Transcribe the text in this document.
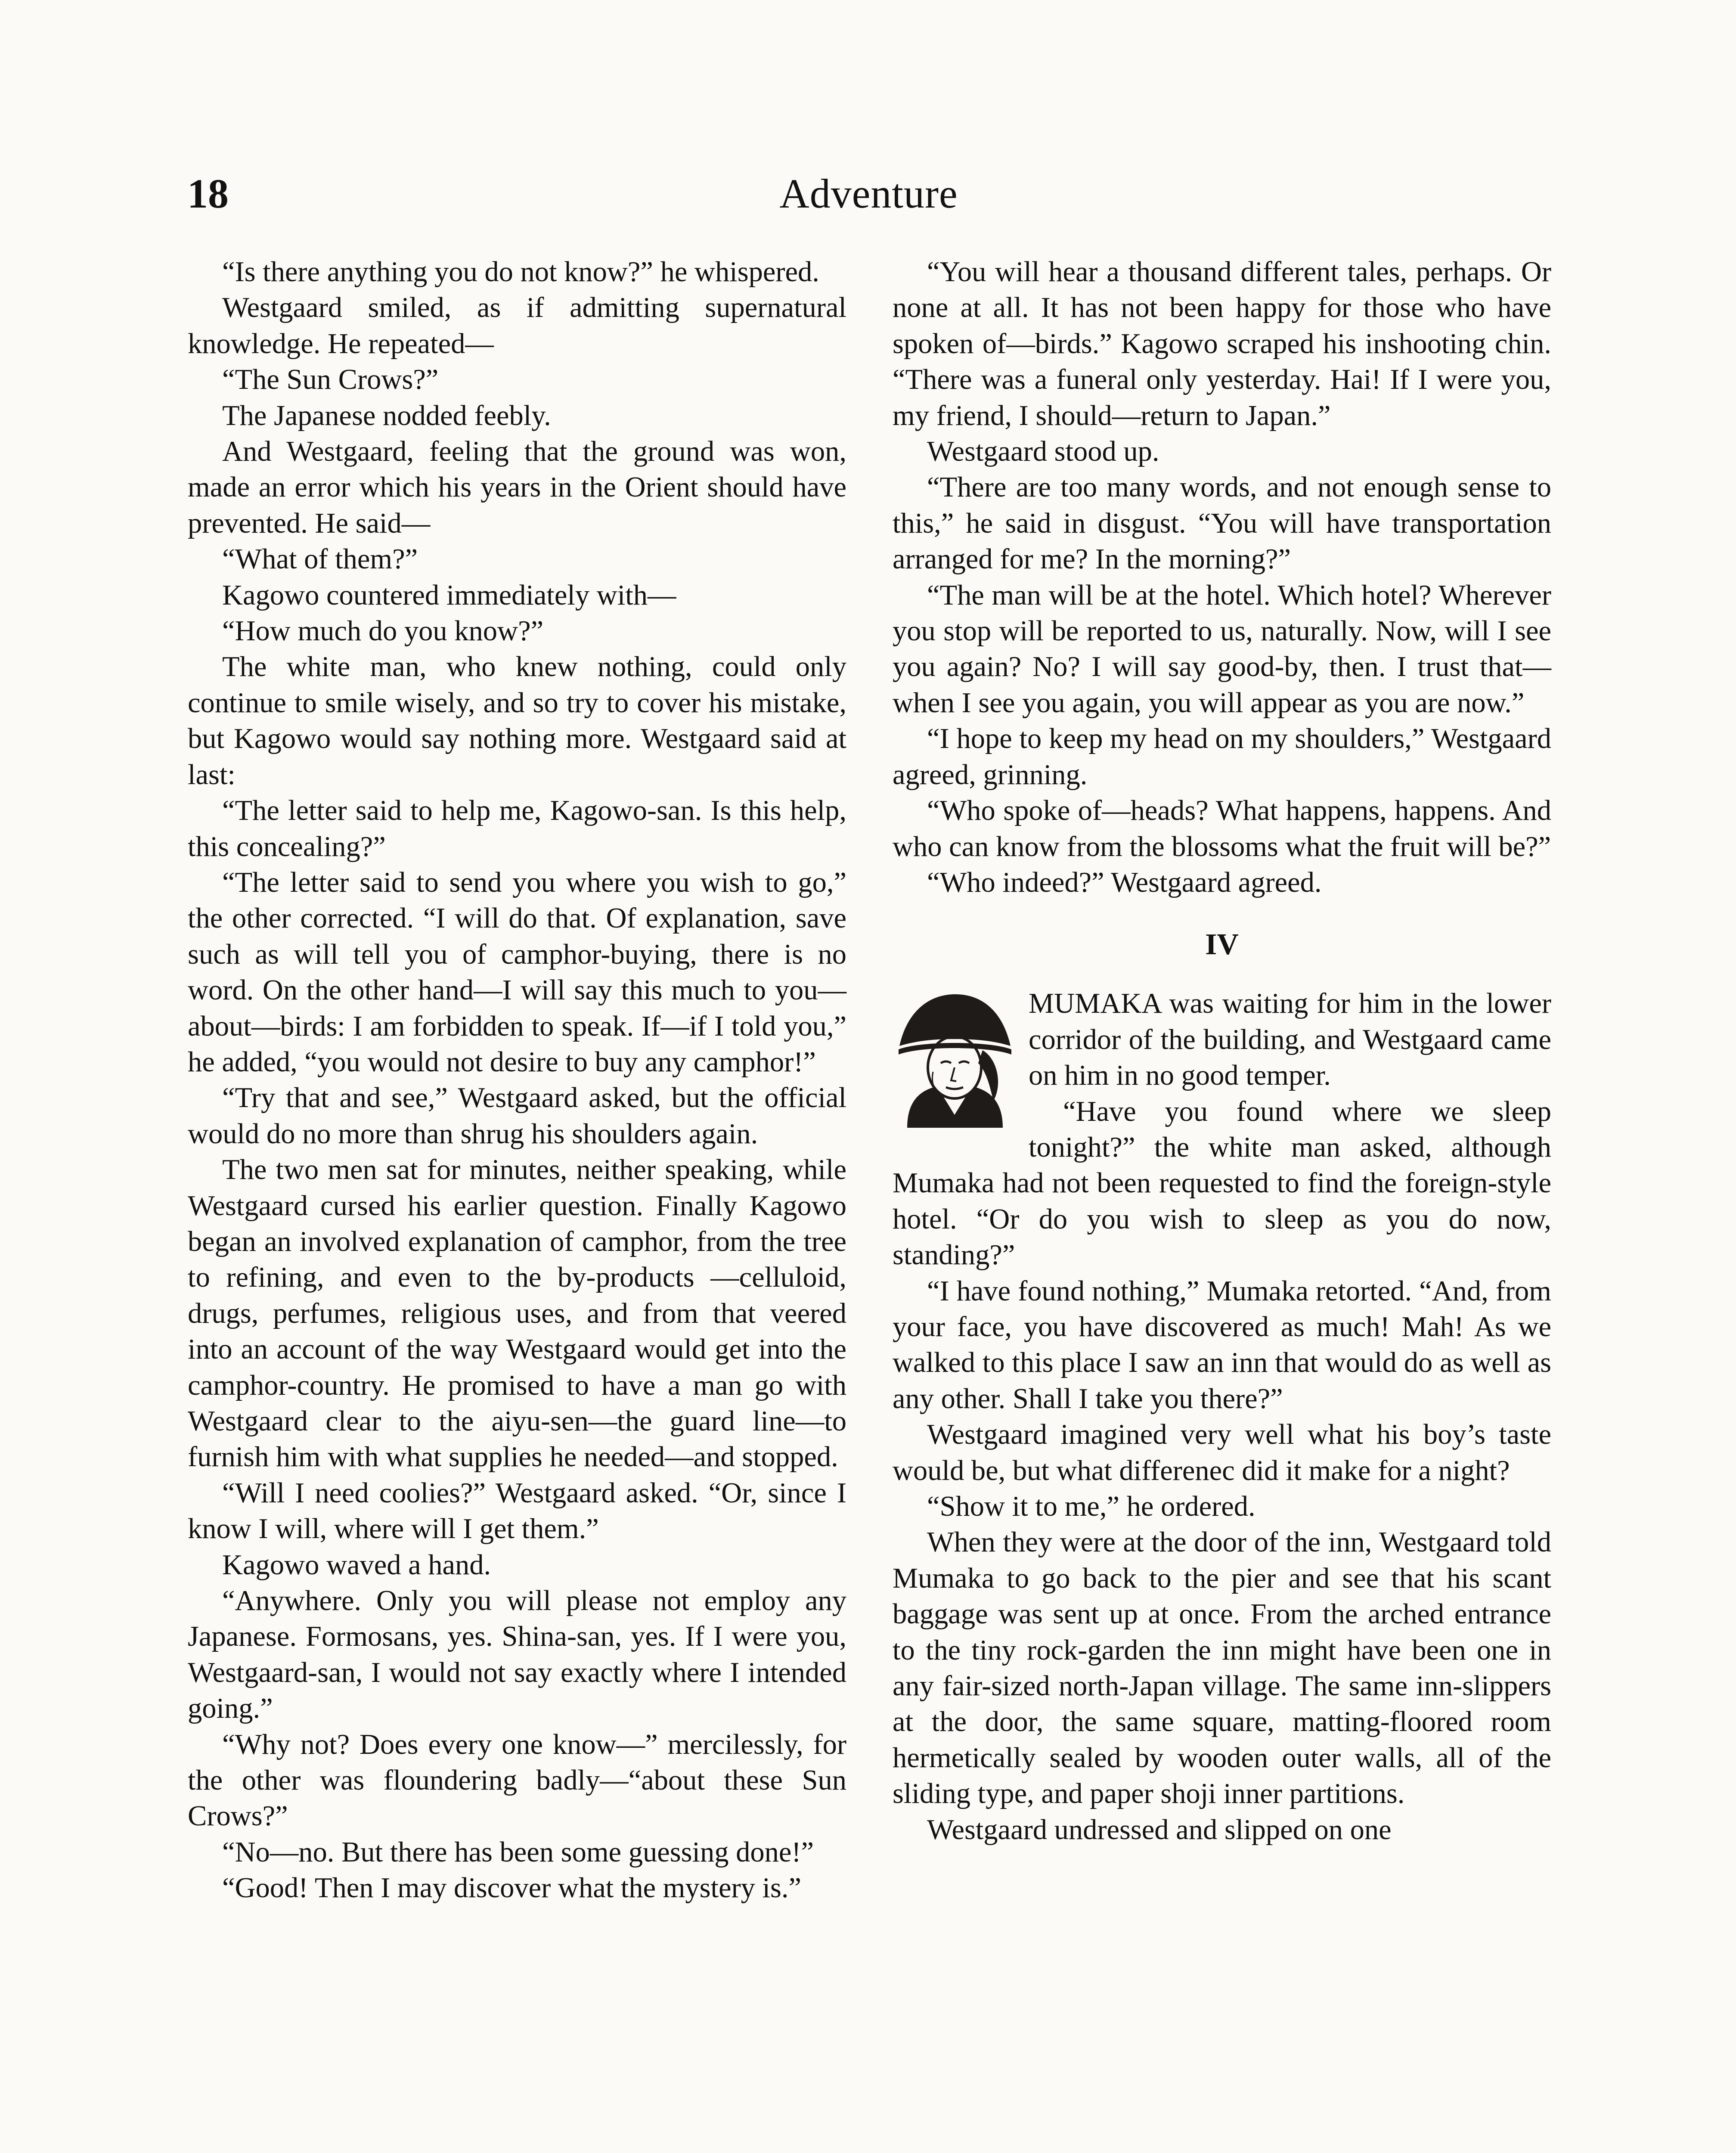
18	Adventure

“Is there anything you do not know?” he whispered.

Westgaard smiled, as if admitting supernatural knowledge. He repeated—

“The Sun Crows?”

The Japanese nodded feebly.

And Westgaard, feeling that the ground was won, made an error which his years in the Orient should have prevented. He said—

“What of them?”

Kagowo countered immediately with—

“How much do you know?”

The white man, who knew nothing, could only continue to smile wisely, and so try to cover his mistake, but Kagowo would say nothing more. Westgaard said at last:

“The letter said to help me, Kagowo-san. Is this help, this concealing?”

“The letter said to send you where you wish to go,” the other corrected. “I will do that. Of explanation, save such as will tell you of camphor-buying, there is no word. On the other hand—I will say this much to you—about—birds: I am forbidden to speak. If—if I told you,” he added, “you would not desire to buy any camphor!”

“Try that and see,” Westgaard asked, but the official would do no more than shrug his shoulders again.

The two men sat for minutes, neither speaking, while Westgaard cursed his earlier question. Finally Kagowo began an involved explanation of camphor, from the tree to refining, and even to the by-products —celluloid, drugs, perfumes, religious uses, and from that veered into an account of the way Westgaard would get into the camphor-country. He promised to have a man go with Westgaard clear to the aiyu-sen—the guard line—to furnish him with what supplies he needed—and stopped.

“Will I need coolies?” Westgaard asked. “Or, since I know I will, where will I get them.”

Kagowo waved a hand.

“Anywhere. Only you will please not employ any Japanese. Formosans, yes. Shina-san, yes. If I were you, Westgaard-san, I would not say exactly where I intended going.”

“Why not? Does every one know—” mercilessly, for the other was floundering badly—“about these Sun Crows?”

“No—no. But there has been some guessing done!”

“Good! Then I may discover what the mystery is.”

“You will hear a thousand different tales, perhaps. Or none at all. It has not been happy for those who have spoken of—birds.” Kagowo scraped his inshooting chin. “There was a funeral only yesterday. Hai! If I were you, my friend, I should—return to Japan.”

Westgaard stood up.

“There are too many words, and not enough sense to this,” he said in disgust. “You will have transportation arranged for me? In the morning?”

“The man will be at the hotel. Which hotel? Wherever you stop will be reported to us, naturally. Now, will I see you again? No? I will say good-by, then. I trust that—when I see you again, you will appear as you are now.”

“I hope to keep my head on my shoulders,” Westgaard agreed, grinning.

“Who spoke of—heads? What happens, happens. And who can know from the blossoms what the fruit will be?”

“Who indeed?” Westgaard agreed.

IV

MUMAKA was waiting for him in the lower corridor of the building, and Westgaard came on him in no good temper.

“Have you found where we sleep tonight?” the white man asked, although Mumaka had not been requested to find the foreign-style hotel. “Or do you wish to sleep as you do now, standing?”

“I have found nothing,” Mumaka retorted. “And, from your face, you have discovered as much! Mah! As we walked to this place I saw an inn that would do as well as any other. Shall I take you there?”

Westgaard imagined very well what his boy’s taste would be, but what differenec did it make for a night?

“Show it to me,” he ordered.

When they were at the door of the inn, Westgaard told Mumaka to go back to the pier and see that his scant baggage was sent up at once. From the arched entrance to the tiny rock-garden the inn might have been one in any fair-sized north-Japan village. The same inn-slippers at the door, the same square, matting-floored room hermetically sealed by wooden outer walls, all of the sliding type, and paper shoji inner partitions.

Westgaard undressed and slipped on one
